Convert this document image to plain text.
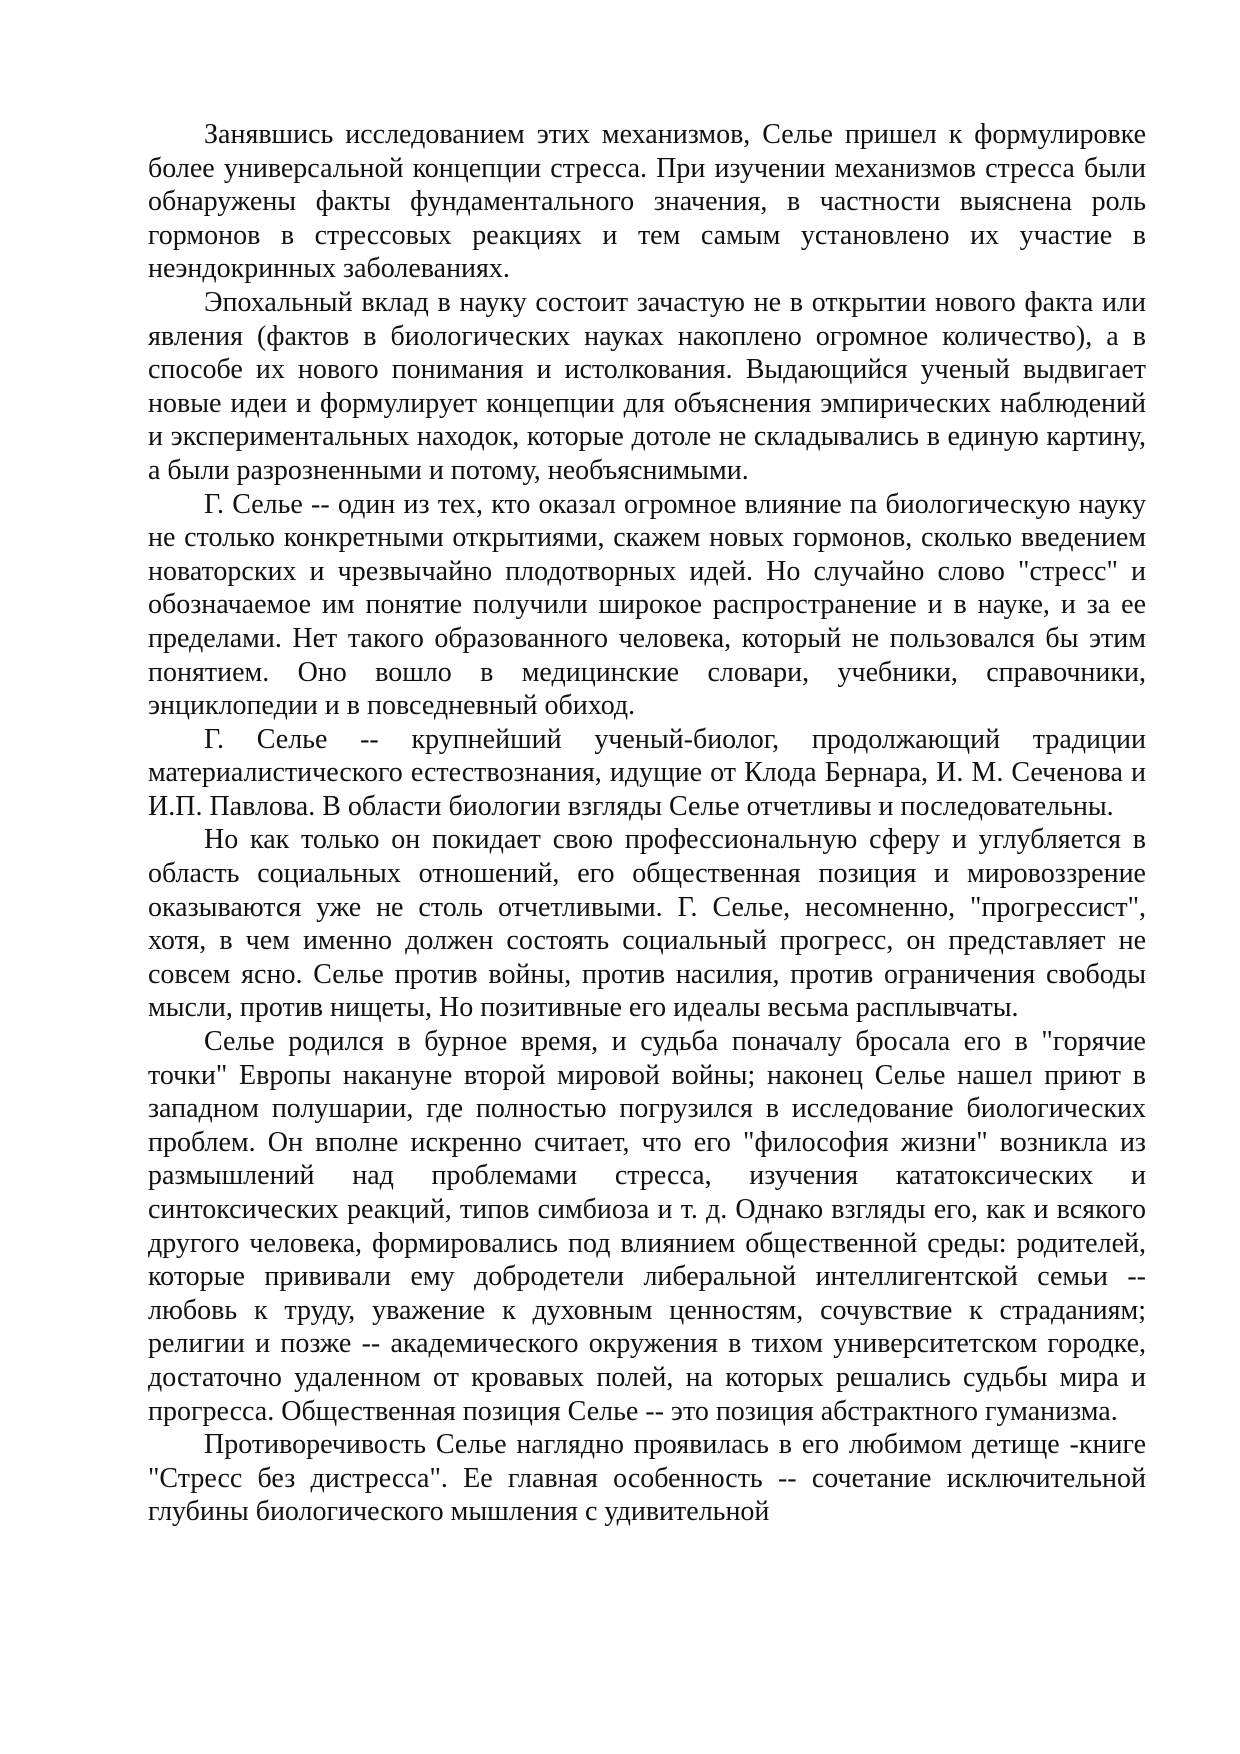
Занявшись исследованием этих механизмов, Селье пришел к формулировке более универсальной концепции стресса. При изучении механизмов стресса были обнаружены факты фундаментального значения, в частности выяснена роль гормонов в стрессовых реакциях и тем самым установлено их участие в неэндокринных заболеваниях.

Эпохальный вклад в науку состоит зачастую не в открытии нового факта или явления (фактов в биологических науках накоплено огромное количество), а в способе их нового понимания и истолкования. Выдающийся ученый выдвигает новые идеи и формулирует концепции для объяснения эмпирических наблюдений и экспериментальных находок, которые дотоле не складывались в единую картину, а были разрозненными и потому, необъяснимыми.

Г. Селье -- один из тех, кто оказал огромное влияние па биологическую науку не столько конкретными открытиями, скажем новых гормонов, сколько введением новаторских и чрезвычайно плодотворных идей. Но случайно слово "стресс" и обозначаемое им понятие получили широкое распространение и в науке, и за ее пределами. Нет такого образованного человека, который не пользовался бы этим понятием. Оно вошло в медицинские словари, учебники, справочники, энциклопедии и в повседневный обиход.

Г. Селье -- крупнейший ученый-биолог, продолжающий традиции материалистического естествознания, идущие от Клода Бернара, И. М. Сеченова и И.П. Павлова. В области биологии взгляды Селье отчетливы и последовательны.

Но как только он покидает свою профессиональную сферу и углубляется в область социальных отношений, его общественная позиция и мировоззрение оказываются уже не столь отчетливыми. Г. Селье, несомненно, "прогрессист", хотя, в чем именно должен состоять социальный прогресс, он представляет не совсем ясно. Селье против войны, против насилия, против ограничения свободы мысли, против нищеты, Но позитивные его идеалы весьма расплывчаты.

Селье родился в бурное время, и судьба поначалу бросала его в "горячие точки" Европы накануне второй мировой войны; наконец Селье нашел приют в западном полушарии, где полностью погрузился в исследование биологических проблем. Он вполне искренно считает, что его "философия жизни" возникла из размышлений над проблемами стресса, изучения кататоксических и синтоксических реакций, типов симбиоза и т. д. Однако взгляды его, как и всякого другого человека, формировались под влиянием общественной среды: родителей, которые прививали ему добродетели либеральной интеллигентской семьи -- любовь к труду, уважение к духовным ценностям, сочувствие к страданиям; религии и позже -- академического окружения в тихом университетском городке, достаточно удаленном от кровавых полей, на которых решались судьбы мира и прогресса. Общественная позиция Селье -- это позиция абстрактного гуманизма.

Противоречивость Селье наглядно проявилась в его любимом детище -книге "Стресс без дистресса". Ее главная особенность -- сочетание исключительной глубины биологического мышления с удивительной
